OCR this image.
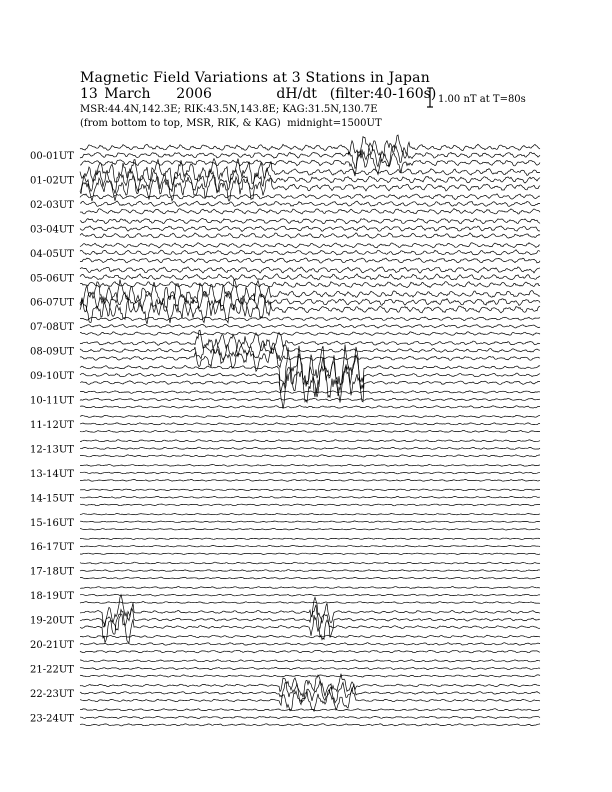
00-01UT
01-02UT
02-03UT
03-04UT
04-05UT
05-06UT
06-07UT
07-08UT
08-09UT
09-10UT
10-11UT
11-12UT
12-13UT
13-14UT
14-15UT
15-16UT
16-17UT
17-18UT
18-19UT
19-20UT
20-21UT
21-22UT
22-23UT
23-24UT
Magnetic Field Variations at 3 Stations in Japan
13 March    2006          dH/dt  (filter:40-160s)
MSR:44.4N,142.3E; RIK:43.5N,143.8E; KAG:31.5N,130.7E
(from bottom to top, MSR, RIK, & KAG)  midnight=1500UT
1.00 nT at T=80s
